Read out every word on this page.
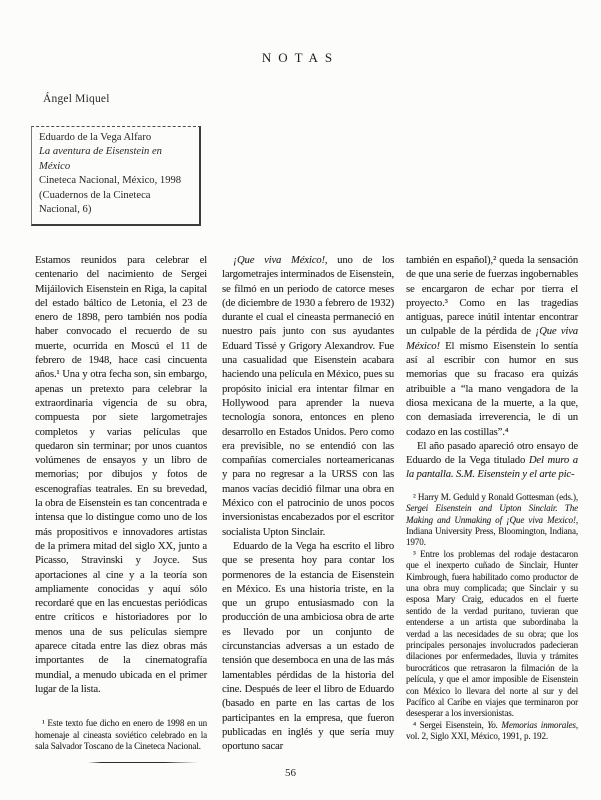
NOTAS
Ángel Miquel
Eduardo de la Vega Alfaro
La aventura de Eisenstein en México
Cineteca Nacional, México, 1998 (Cuadernos de la Cineteca Nacional, 6)

Estamos reunidos para celebrar el centenario del nacimiento de Sergei Mijáilovich Eisenstein en Riga, la capital del estado báltico de Letonia, el 23 de enero de 1898, pero también nos podía haber convocado el recuerdo de su muerte, ocurrida en Moscú el 11 de febrero de 1948, hace casi cincuenta años.¹ Una y otra fecha son, sin embargo, apenas un pretexto para celebrar la extraordinaria vigencia de su obra, compuesta por siete largometrajes completos y varias películas que quedaron sin terminar; por unos cuantos volúmenes de ensayos y un libro de memorias; por dibujos y fotos de escenografías teatrales. En su brevedad, la obra de Eisenstein es tan concentrada e intensa que lo distingue como uno de los más propositivos e innovadores artistas de la primera mitad del siglo XX, junto a Picasso, Stravinski y Joyce. Sus aportaciones al cine y a la teoría son ampliamente conocidas y aquí sólo recordaré que en las encuestas periódicas entre críticos e historiadores por lo menos una de sus películas siempre aparece citada entre las diez obras más importantes de la cinematografía mundial, a menudo ubicada en el primer lugar de la lista.

¹ Este texto fue dicho en enero de 1998 en un homenaje al cineasta soviético celebrado en la sala Salvador Toscano de la Cineteca Nacional.

¡Que viva México!, uno de los largometrajes interminados de Eisenstein, se filmó en un periodo de catorce meses (de diciembre de 1930 a febrero de 1932) durante el cual el cineasta permaneció en nuestro país junto con sus ayudantes Eduard Tissé y Grigory Alexandrov. Fue una casualidad que Eisenstein acabara haciendo una película en México, pues su propósito inicial era intentar filmar en Hollywood para aprender la nueva tecnología sonora, entonces en pleno desarrollo en Estados Unidos. Pero como era previsible, no se entendió con las compañías comerciales norteamericanas y para no regresar a la URSS con las manos vacías decidió filmar una obra en México con el patrocinio de unos pocos inversionistas encabezados por el escritor socialista Upton Sinclair.

Eduardo de la Vega ha escrito el libro que se presenta hoy para contar los pormenores de la estancia de Eisenstein en México. Es una historia triste, en la que un grupo entusiasmado con la producción de una ambiciosa obra de arte es llevado por un conjunto de circunstancias adversas a un estado de tensión que desemboca en una de las más lamentables pérdidas de la historia del cine. Después de leer el libro de Eduardo (basado en parte en las cartas de los participantes en la empresa, que fueron publicadas en inglés y que sería muy oportuno sacar

también en español),² queda la sensación de que una serie de fuerzas ingobernables se encargaron de echar por tierra el proyecto.³ Como en las tragedias antiguas, parece inútil intentar encontrar un culpable de la pérdida de ¡Que viva México! El mismo Eisenstein lo sentía así al escribir con humor en sus memorias que su fracaso era quizás atribuible a “la mano vengadora de la diosa mexicana de la muerte, a la que, con demasiada irreverencia, le di un codazo en las costillas”.⁴

El año pasado apareció otro ensayo de Eduardo de la Vega titulado Del muro a la pantalla. S.M. Eisenstein y el arte pic-

² Harry M. Geduld y Ronald Gottesman (eds.), Sergei Eisenstein and Upton Sinclair. The Making and Unmaking of ¡Que viva Mexico!, Indiana University Press, Bloomington, Indiana, 1970.

³ Entre los problemas del rodaje destacaron que el inexperto cuñado de Sinclair, Hunter Kimbrough, fuera habilitado como productor de una obra muy complicada; que Sinclair y su esposa Mary Craig, educados en el fuerte sentido de la verdad puritano, tuvieran que entenderse a un artista que subordinaba la verdad a las necesidades de su obra; que los principales personajes involucrados padecieran dilaciones por enfermedades, lluvia y trámites burocráticos que retrasaron la filmación de la película, y que el amor imposible de Eisenstein con México lo llevara del norte al sur y del Pacífico al Caribe en viajes que terminaron por desesperar a los inversionistas.

⁴ Sergei Eisenstein, Yo. Memorias inmorales, vol. 2, Siglo XXI, México, 1991, p. 192.

56
